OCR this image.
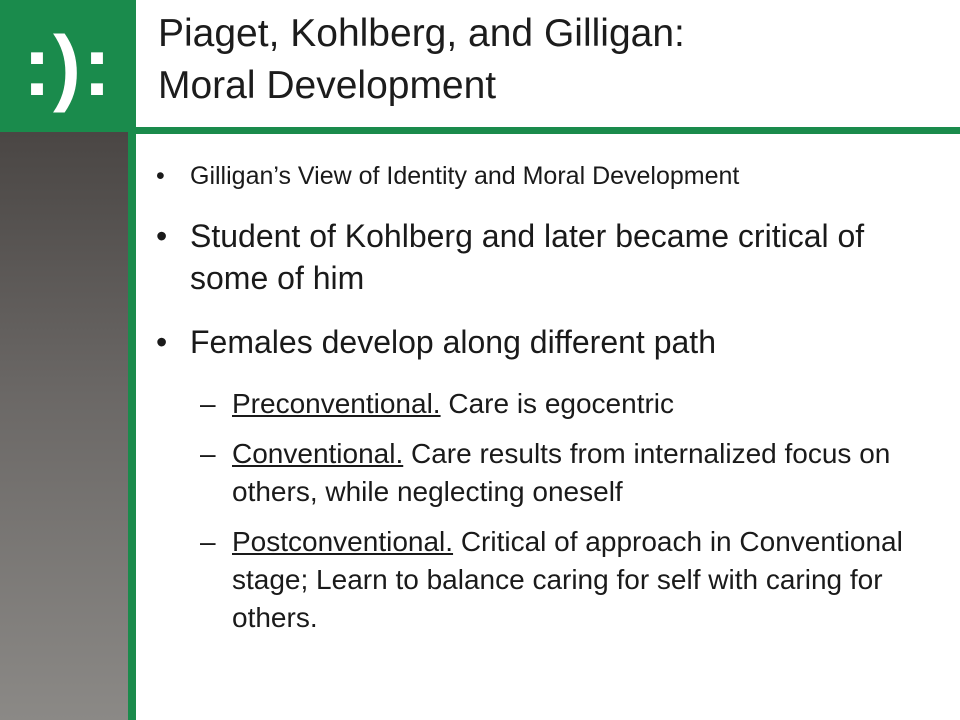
:): Piaget, Kohlberg, and Gilligan:
Moral Development
• Gilligan’s View of Identity and Moral Development
• Student of Kohlberg and later became critical of some of him
• Females develop along different path
– Preconventional. Care is egocentric
– Conventional. Care results from internalized focus on others, while neglecting oneself
– Postconventional. Critical of approach in Conventional stage; Learn to balance caring for self with caring for others.
